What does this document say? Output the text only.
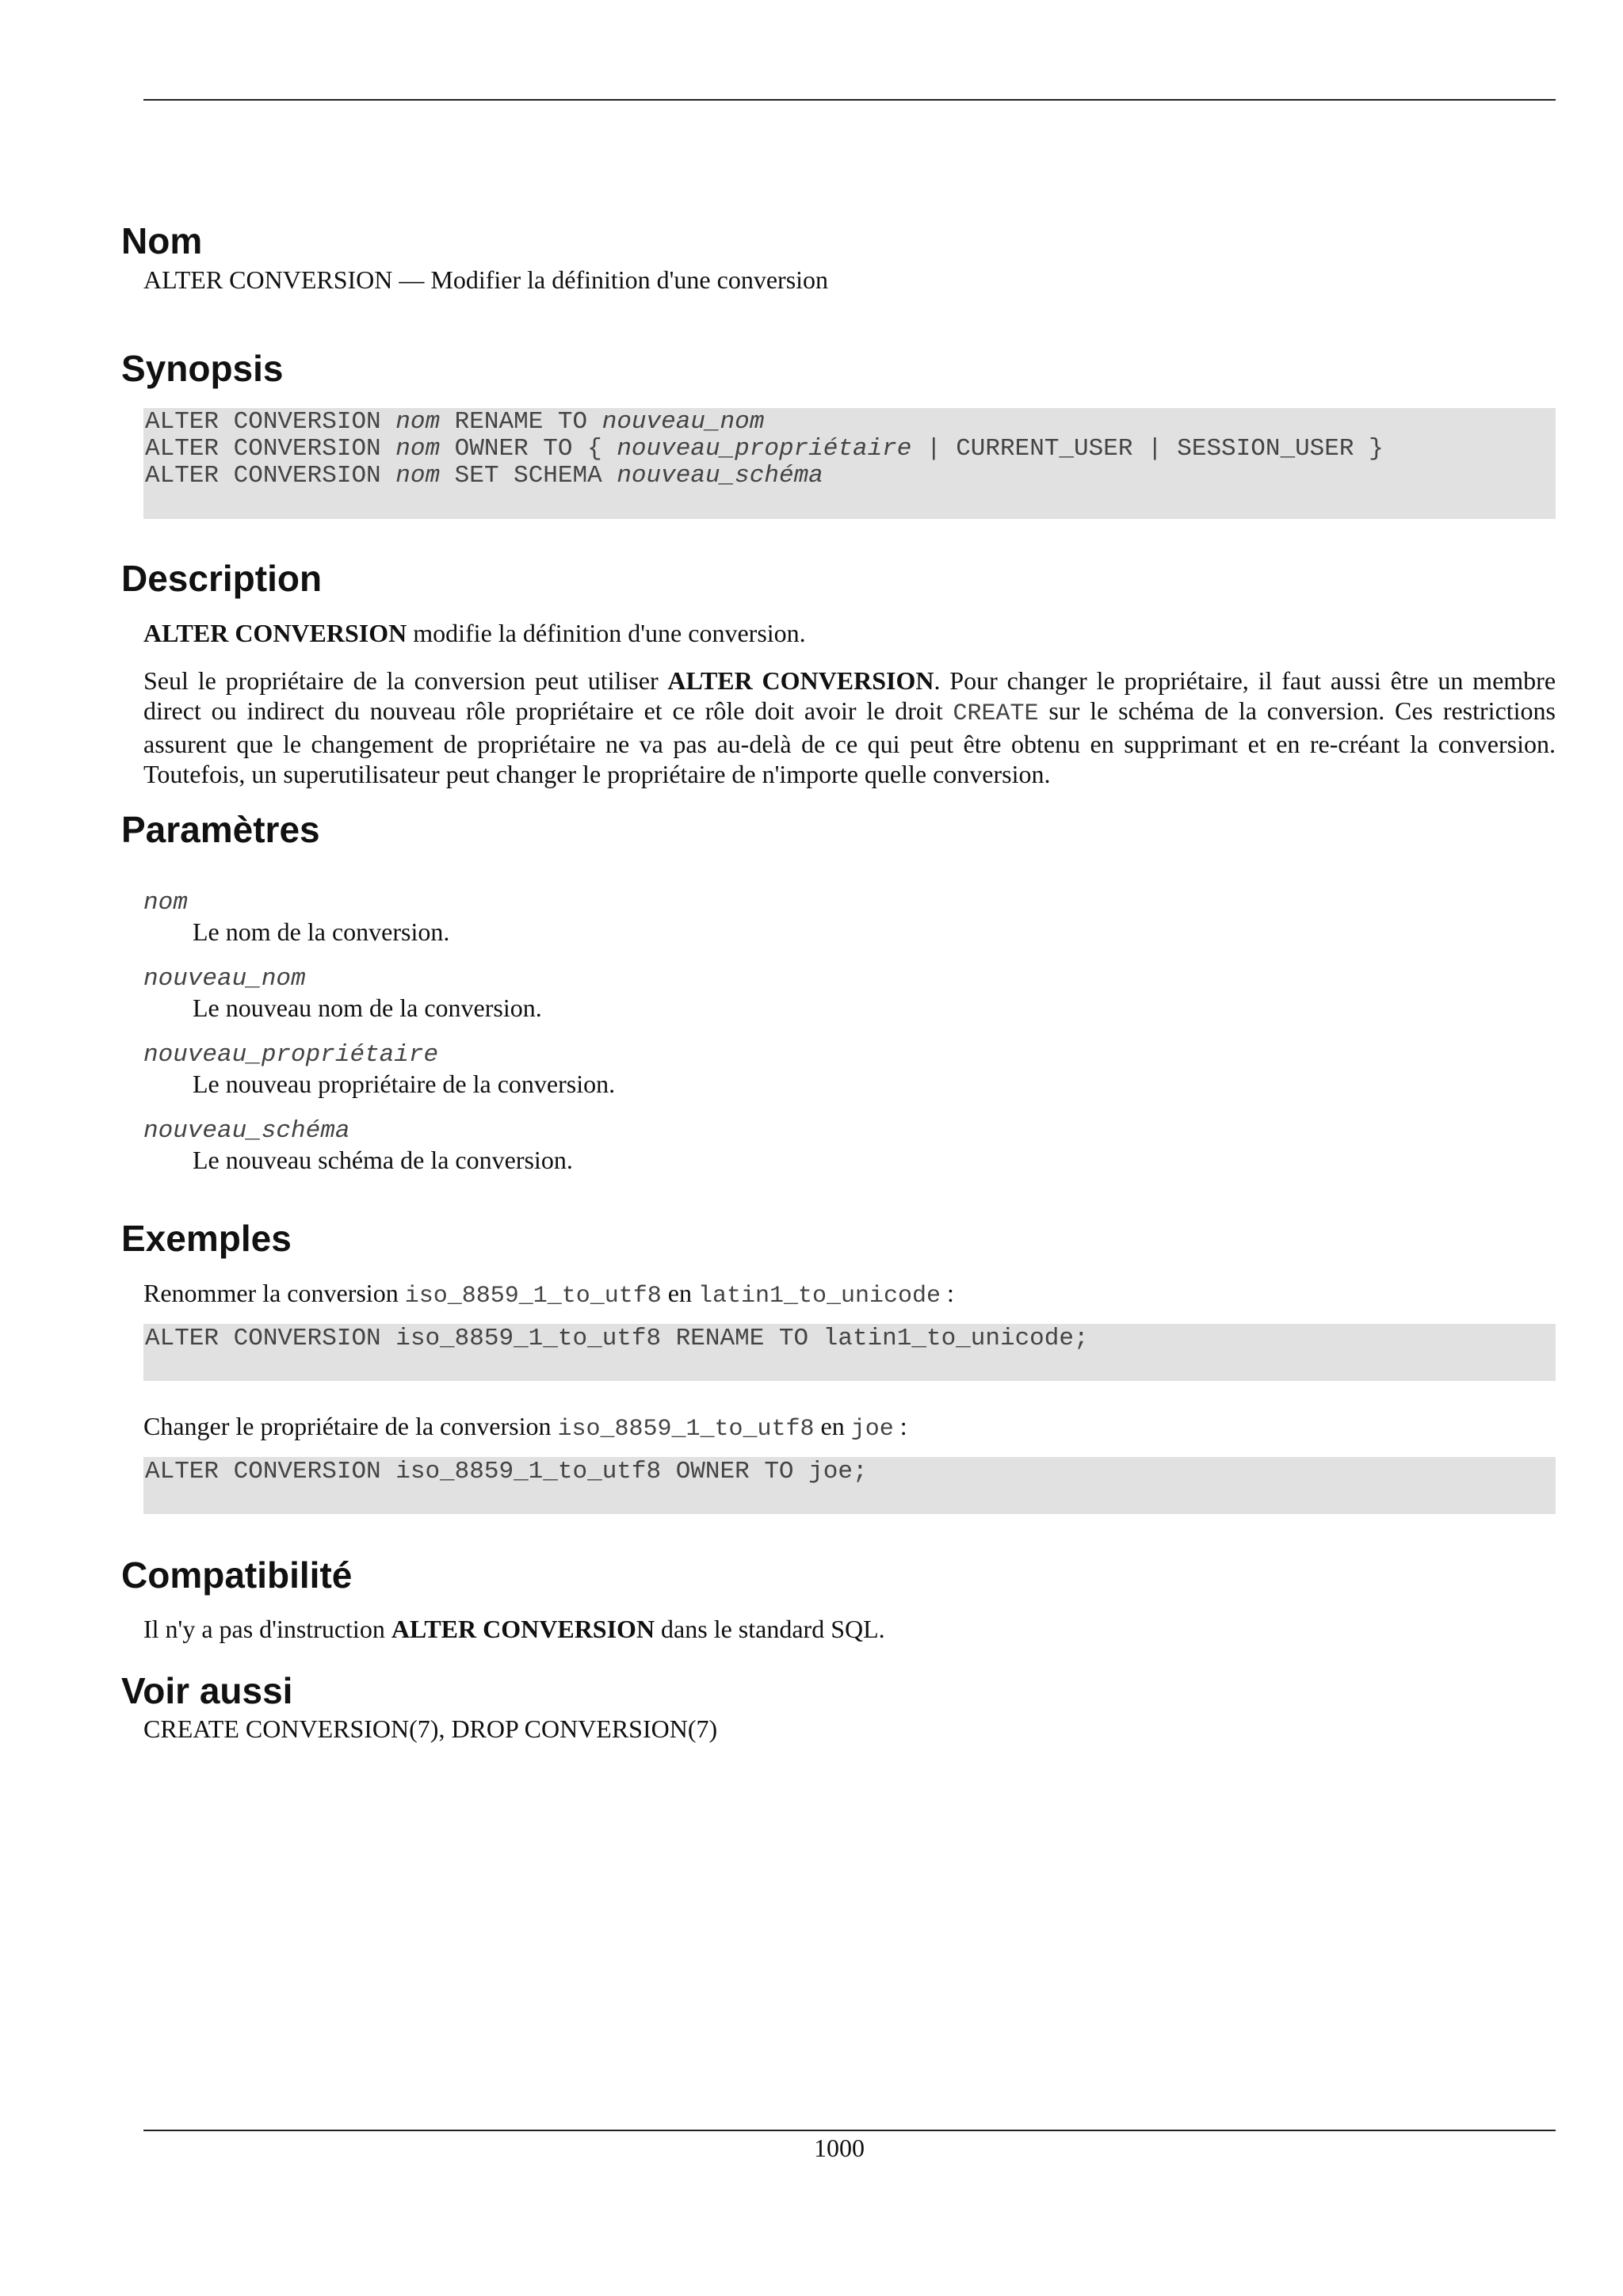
Nom

ALTER CONVERSION — Modifier la définition d'une conversion

Synopsis
ALTER CONVERSION nom RENAME TO nouveau_nom
ALTER CONVERSION nom OWNER TO { nouveau_propriétaire | CURRENT_USER | SESSION_USER }
ALTER CONVERSION nom SET SCHEMA nouveau_schéma
Description

ALTER CONVERSION modifie la définition d'une conversion.

Seul le propriétaire de la conversion peut utiliser ALTER CONVERSION. Pour changer le propriétaire, il faut aussi être un membre direct ou indirect du nouveau rôle propriétaire et ce rôle doit avoir le droit CREATE sur le schéma de la conversion. Ces restrictions assurent que le changement de propriétaire ne va pas au-delà de ce qui peut être obtenu en supprimant et en re-créant la conversion. Toutefois, un superutilisateur peut changer le propriétaire de n'importe quelle conversion.

Paramètres
nom
Le nom de la conversion.
nouveau_nom
Le nouveau nom de la conversion.
nouveau_propriétaire
Le nouveau propriétaire de la conversion.
nouveau_schéma
Le nouveau schéma de la conversion.
Exemples

Renommer la conversion iso_8859_1_to_utf8 en latin1_to_unicode :

ALTER CONVERSION iso_8859_1_to_utf8 RENAME TO latin1_to_unicode;

Changer le propriétaire de la conversion iso_8859_1_to_utf8 en joe :

ALTER CONVERSION iso_8859_1_to_utf8 OWNER TO joe;
Compatibilité

Il n'y a pas d'instruction ALTER CONVERSION dans le standard SQL.

Voir aussi

CREATE CONVERSION(7), DROP CONVERSION(7)

1000
